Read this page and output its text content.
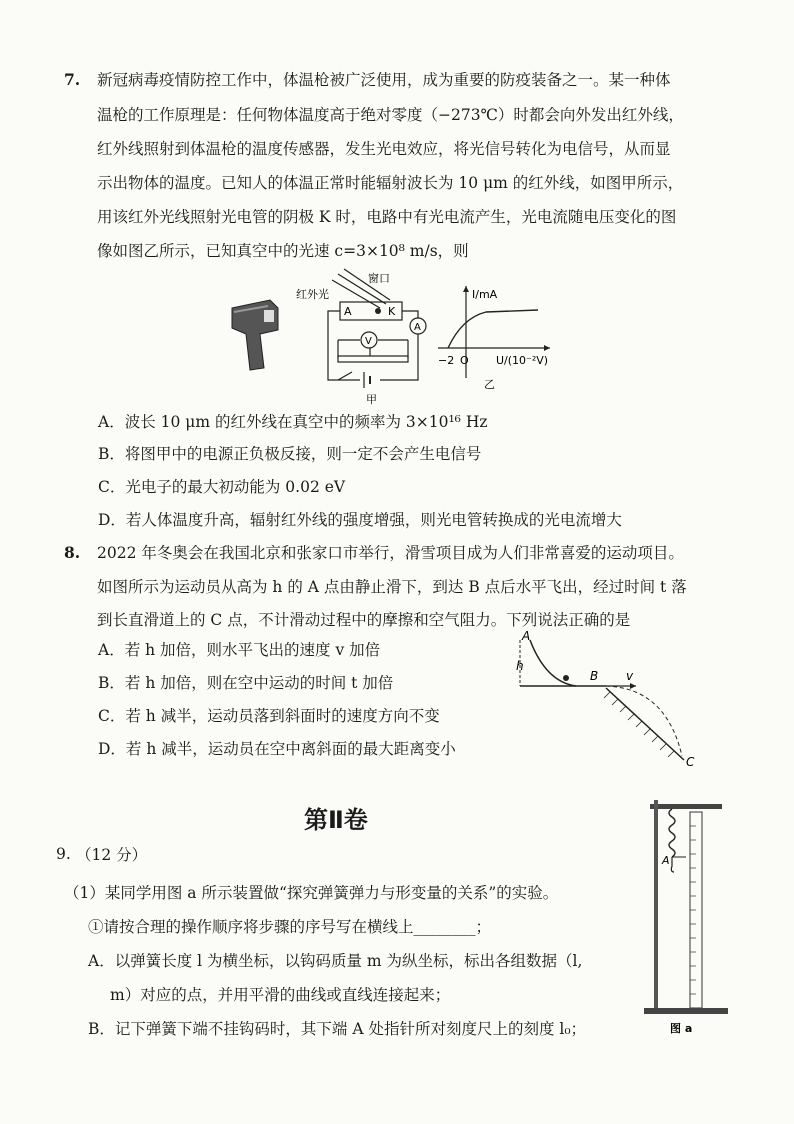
7. 新冠病毒疫情防控工作中，体温枪被广泛使用，成为重要的防疫装备之一。某一种体
温枪的工作原理是：任何物体温度高于绝对零度（−273℃）时都会向外发出红外线，
红外线照射到体温枪的温度传感器，发生光电效应，将光信号转化为电信号，从而显
示出物体的温度。已知人的体温正常时能辐射波长为 10 μm 的红外线，如图甲所示，
用该红外光线照射光电管的阴极 K 时，电路中有光电流产生，光电流随电压变化的图
像如图乙所示，已知真空中的光速 c=3×10⁸ m/s，则
窗口
红外光
A	K
A
V
甲
I/mA
U/(10⁻²V)
−2 O
乙
A．波长 10 μm 的红外线在真空中的频率为 3×10¹⁶ Hz
B．将图甲中的电源正负极反接，则一定不会产生电信号
C．光电子的最大初动能为 0.02 eV
D．若人体温度升高，辐射红外线的强度增强，则光电管转换成的光电流增大
8. 2022 年冬奥会在我国北京和张家口市举行，滑雪项目成为人们非常喜爱的运动项目。
如图所示为运动员从高为 h 的 A 点由静止滑下，到达 B 点后水平飞出，经过时间 t 落
到长直滑道上的 C 点，不计滑动过程中的摩擦和空气阻力。下列说法正确的是
A．若 h 加倍，则水平飞出的速度 v 加倍
B．若 h 加倍，则在空中运动的时间 t 加倍
C．若 h 减半，运动员落到斜面时的速度方向不变
D．若 h 减半，运动员在空中离斜面的最大距离变小
A
h
B v
C
第Ⅱ卷
9. （12 分）
（1）某同学用图 a 所示装置做“探究弹簧弹力与形变量的关系”的实验。
①请按合理的操作顺序将步骤的序号写在横线上________；
A．以弹簧长度 l 为横坐标，以钩码质量 m 为纵坐标，标出各组数据（l,
m）对应的点，并用平滑的曲线或直线连接起来；
B．记下弹簧下端不挂钩码时，其下端 A 处指针所对刻度尺上的刻度 l₀；
A
图 a
